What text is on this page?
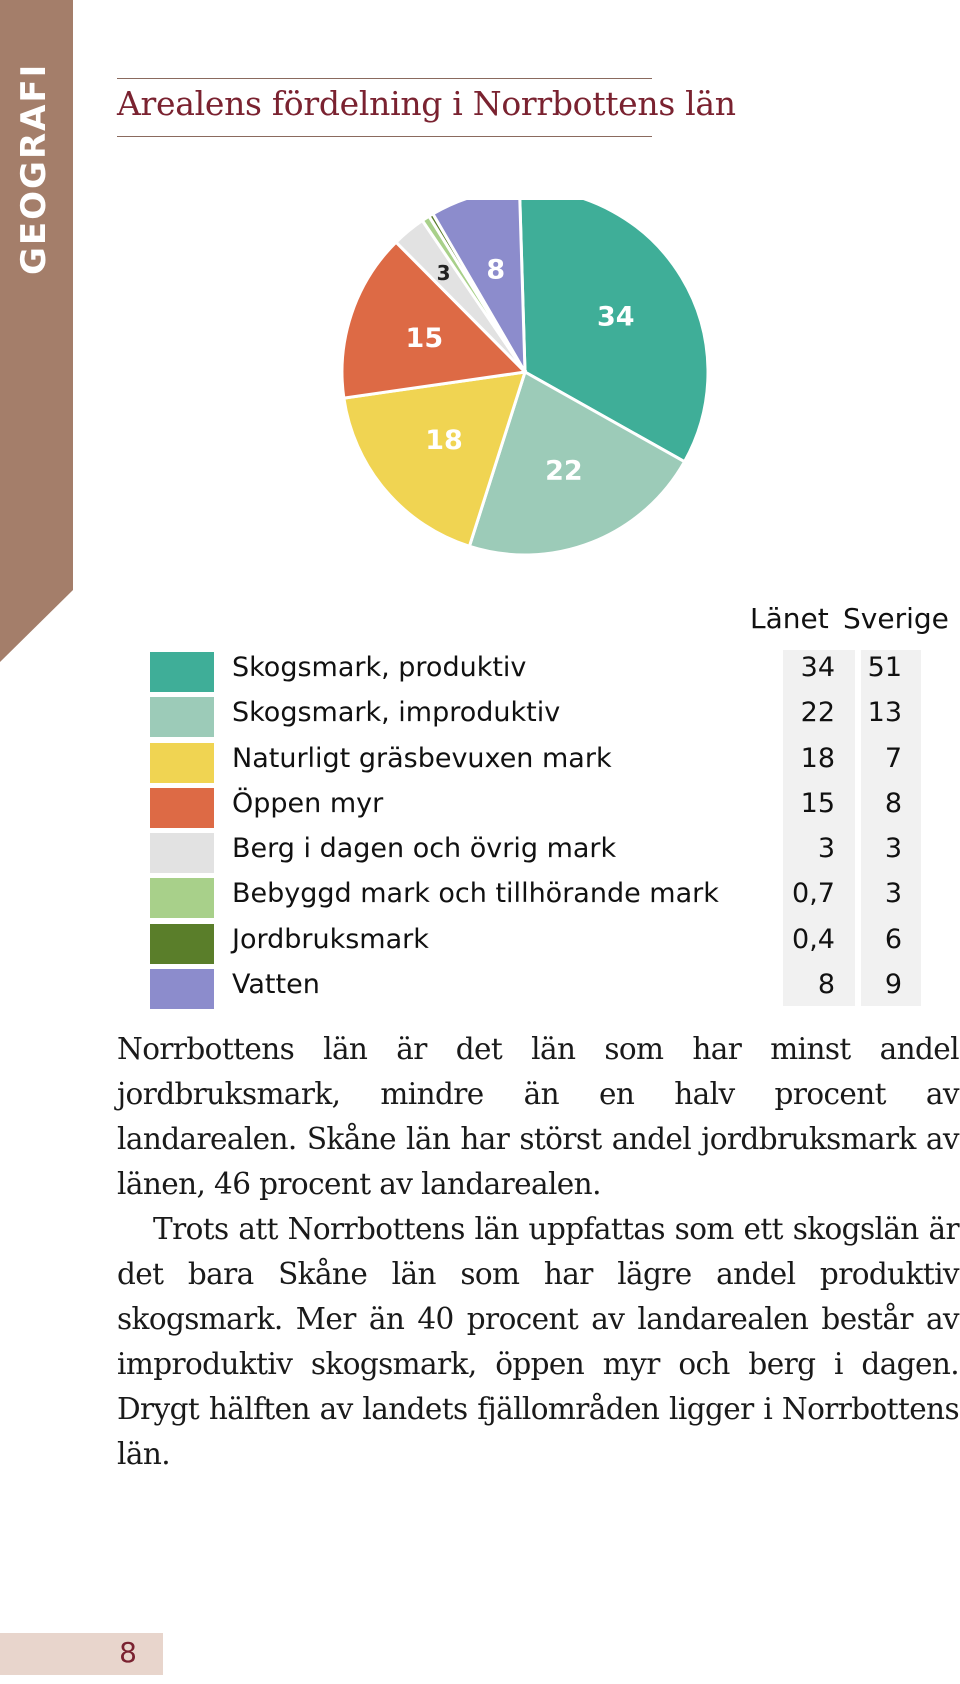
GEOGRAFI Arealens fördelning i Norrbottens län
34
22
18
15
3 8
Länet Sverige
Skogsmark, produktiv	34	51
Skogsmark, improduktiv	22	13
Naturligt gräsbevuxen mark	18	7
Öppen myr	15	8
Berg i dagen och övrig mark	3	3
Bebyggd mark och tillhörande mark	0,7	3
Jordbruksmark	0,4	6
Vatten	8	9

Norrbottens län är det län som har minst andel jordbruksmark, mindre än en halv procent av landarealen. Skåne län har störst andel jordbruksmark av länen, 46 procent av landarealen.

Trots att Norrbottens län uppfattas som ett skogslän är det bara Skåne län som har lägre andel produktiv skogsmark. Mer än 40 procent av landarealen består av improduktiv skogsmark, öppen myr och berg i dagen. Drygt hälften av landets fjällområden ligger i Norrbottens län.

8
